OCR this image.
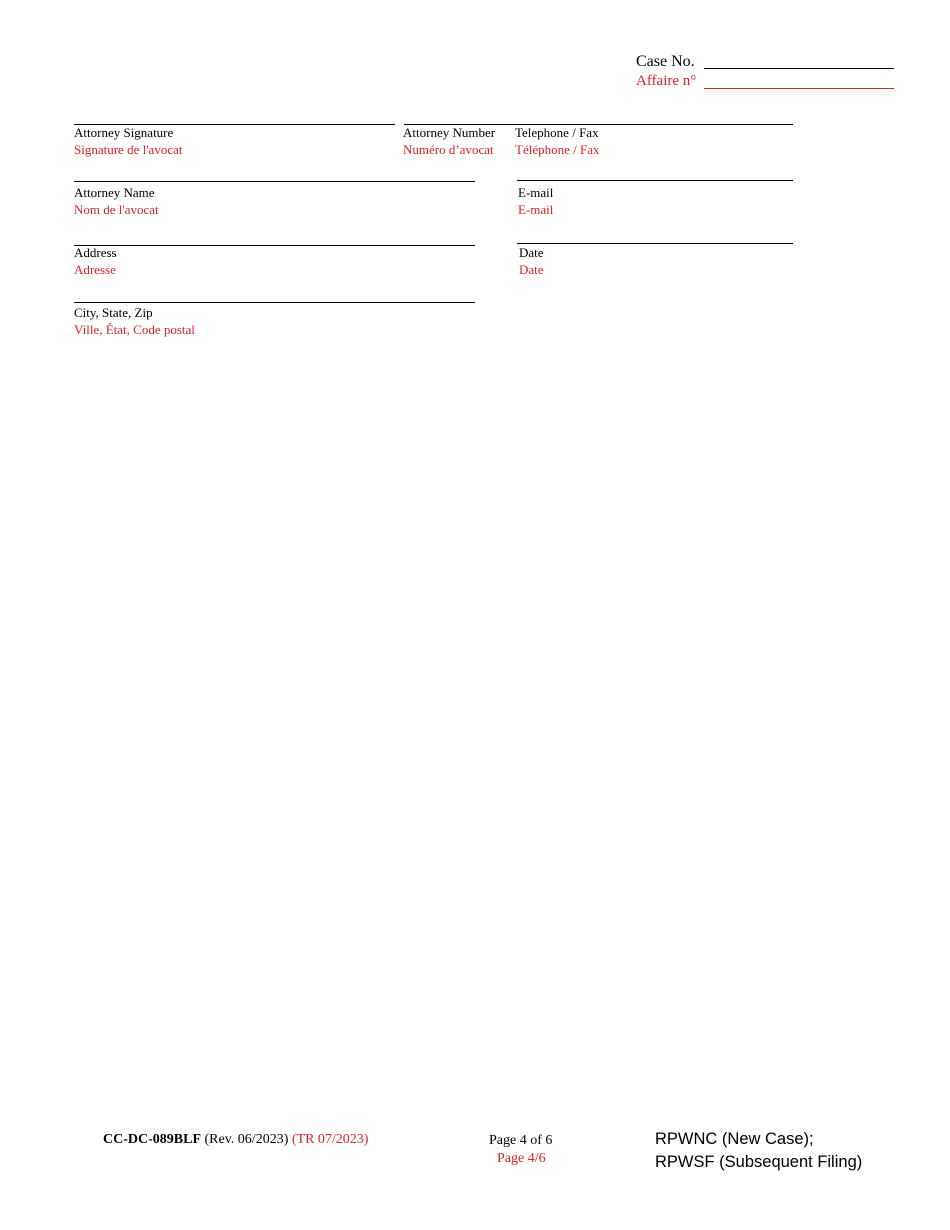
Case No.
Affaire n°
Attorney Signature
Signature de l'avocat
Attorney Number
Numéro d’avocat
Telephone / Fax
Téléphone / Fax
Attorney Name
Nom de l'avocat
E-mail
E-mail
Address
Adresse
Date
Date
City, State, Zip
Ville, État, Code postal
CC-DC-089BLF (Rev. 06/2023) (TR 07/2023)	Page 4 of 6
Page 4/6
RPWNC (New Case);
RPWSF (Subsequent Filing)
